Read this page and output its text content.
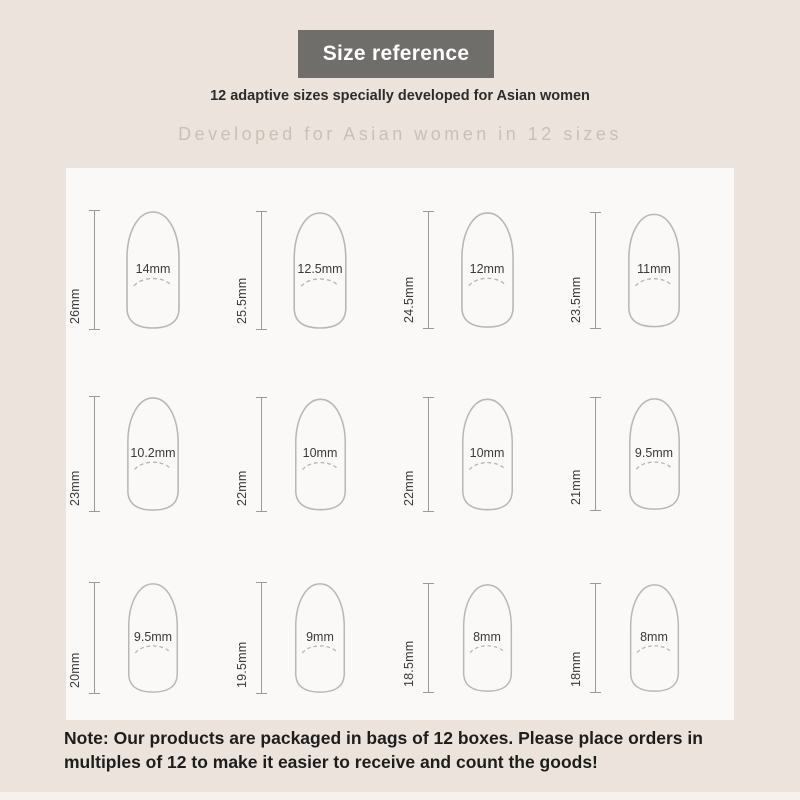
Size reference
12 adaptive sizes specially developed for Asian women
Developed for Asian women in 12 sizes
26mm
14mm
25.5mm
12.5mm
24.5mm
12mm
23.5mm
11mm
23mm
10.2mm
22mm
10mm
22mm
10mm
21mm
9.5mm
20mm
9.5mm
19.5mm
9mm
18.5mm
8mm
18mm
8mm
Note: Our products are packaged in bags of 12 boxes. Please place orders in multiples of 12 to make it easier to receive and count the goods!
